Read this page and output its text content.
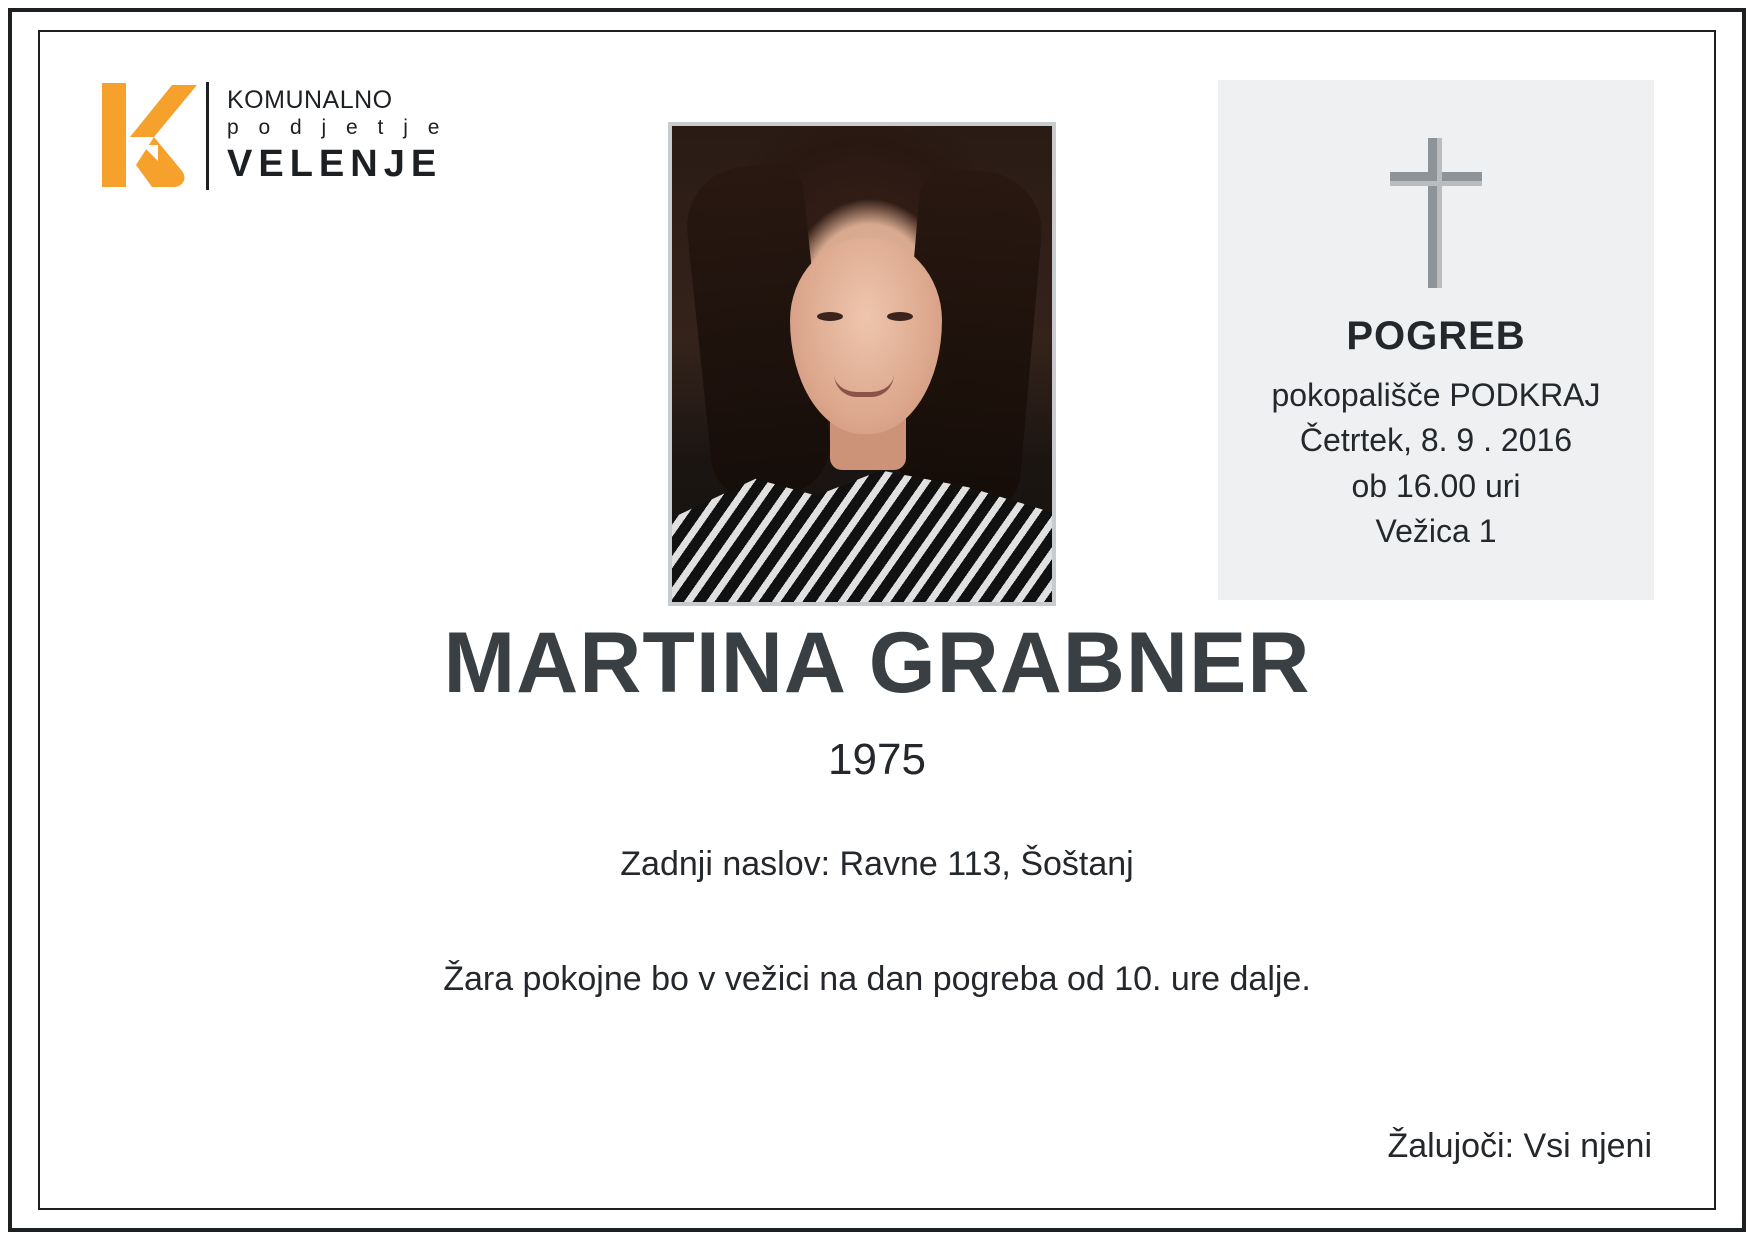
KOMUNALNO
p o d j e t j e
VELENJE
POGREB
pokopališče PODKRAJ
Četrtek, 8. 9 . 2016
ob 16.00 uri
Vežica 1
MARTINA GRABNER
1975
Zadnji naslov: Ravne 113, Šoštanj
Žara pokojne bo v vežici na dan pogreba od 10. ure dalje.
Žalujoči: Vsi njeni
